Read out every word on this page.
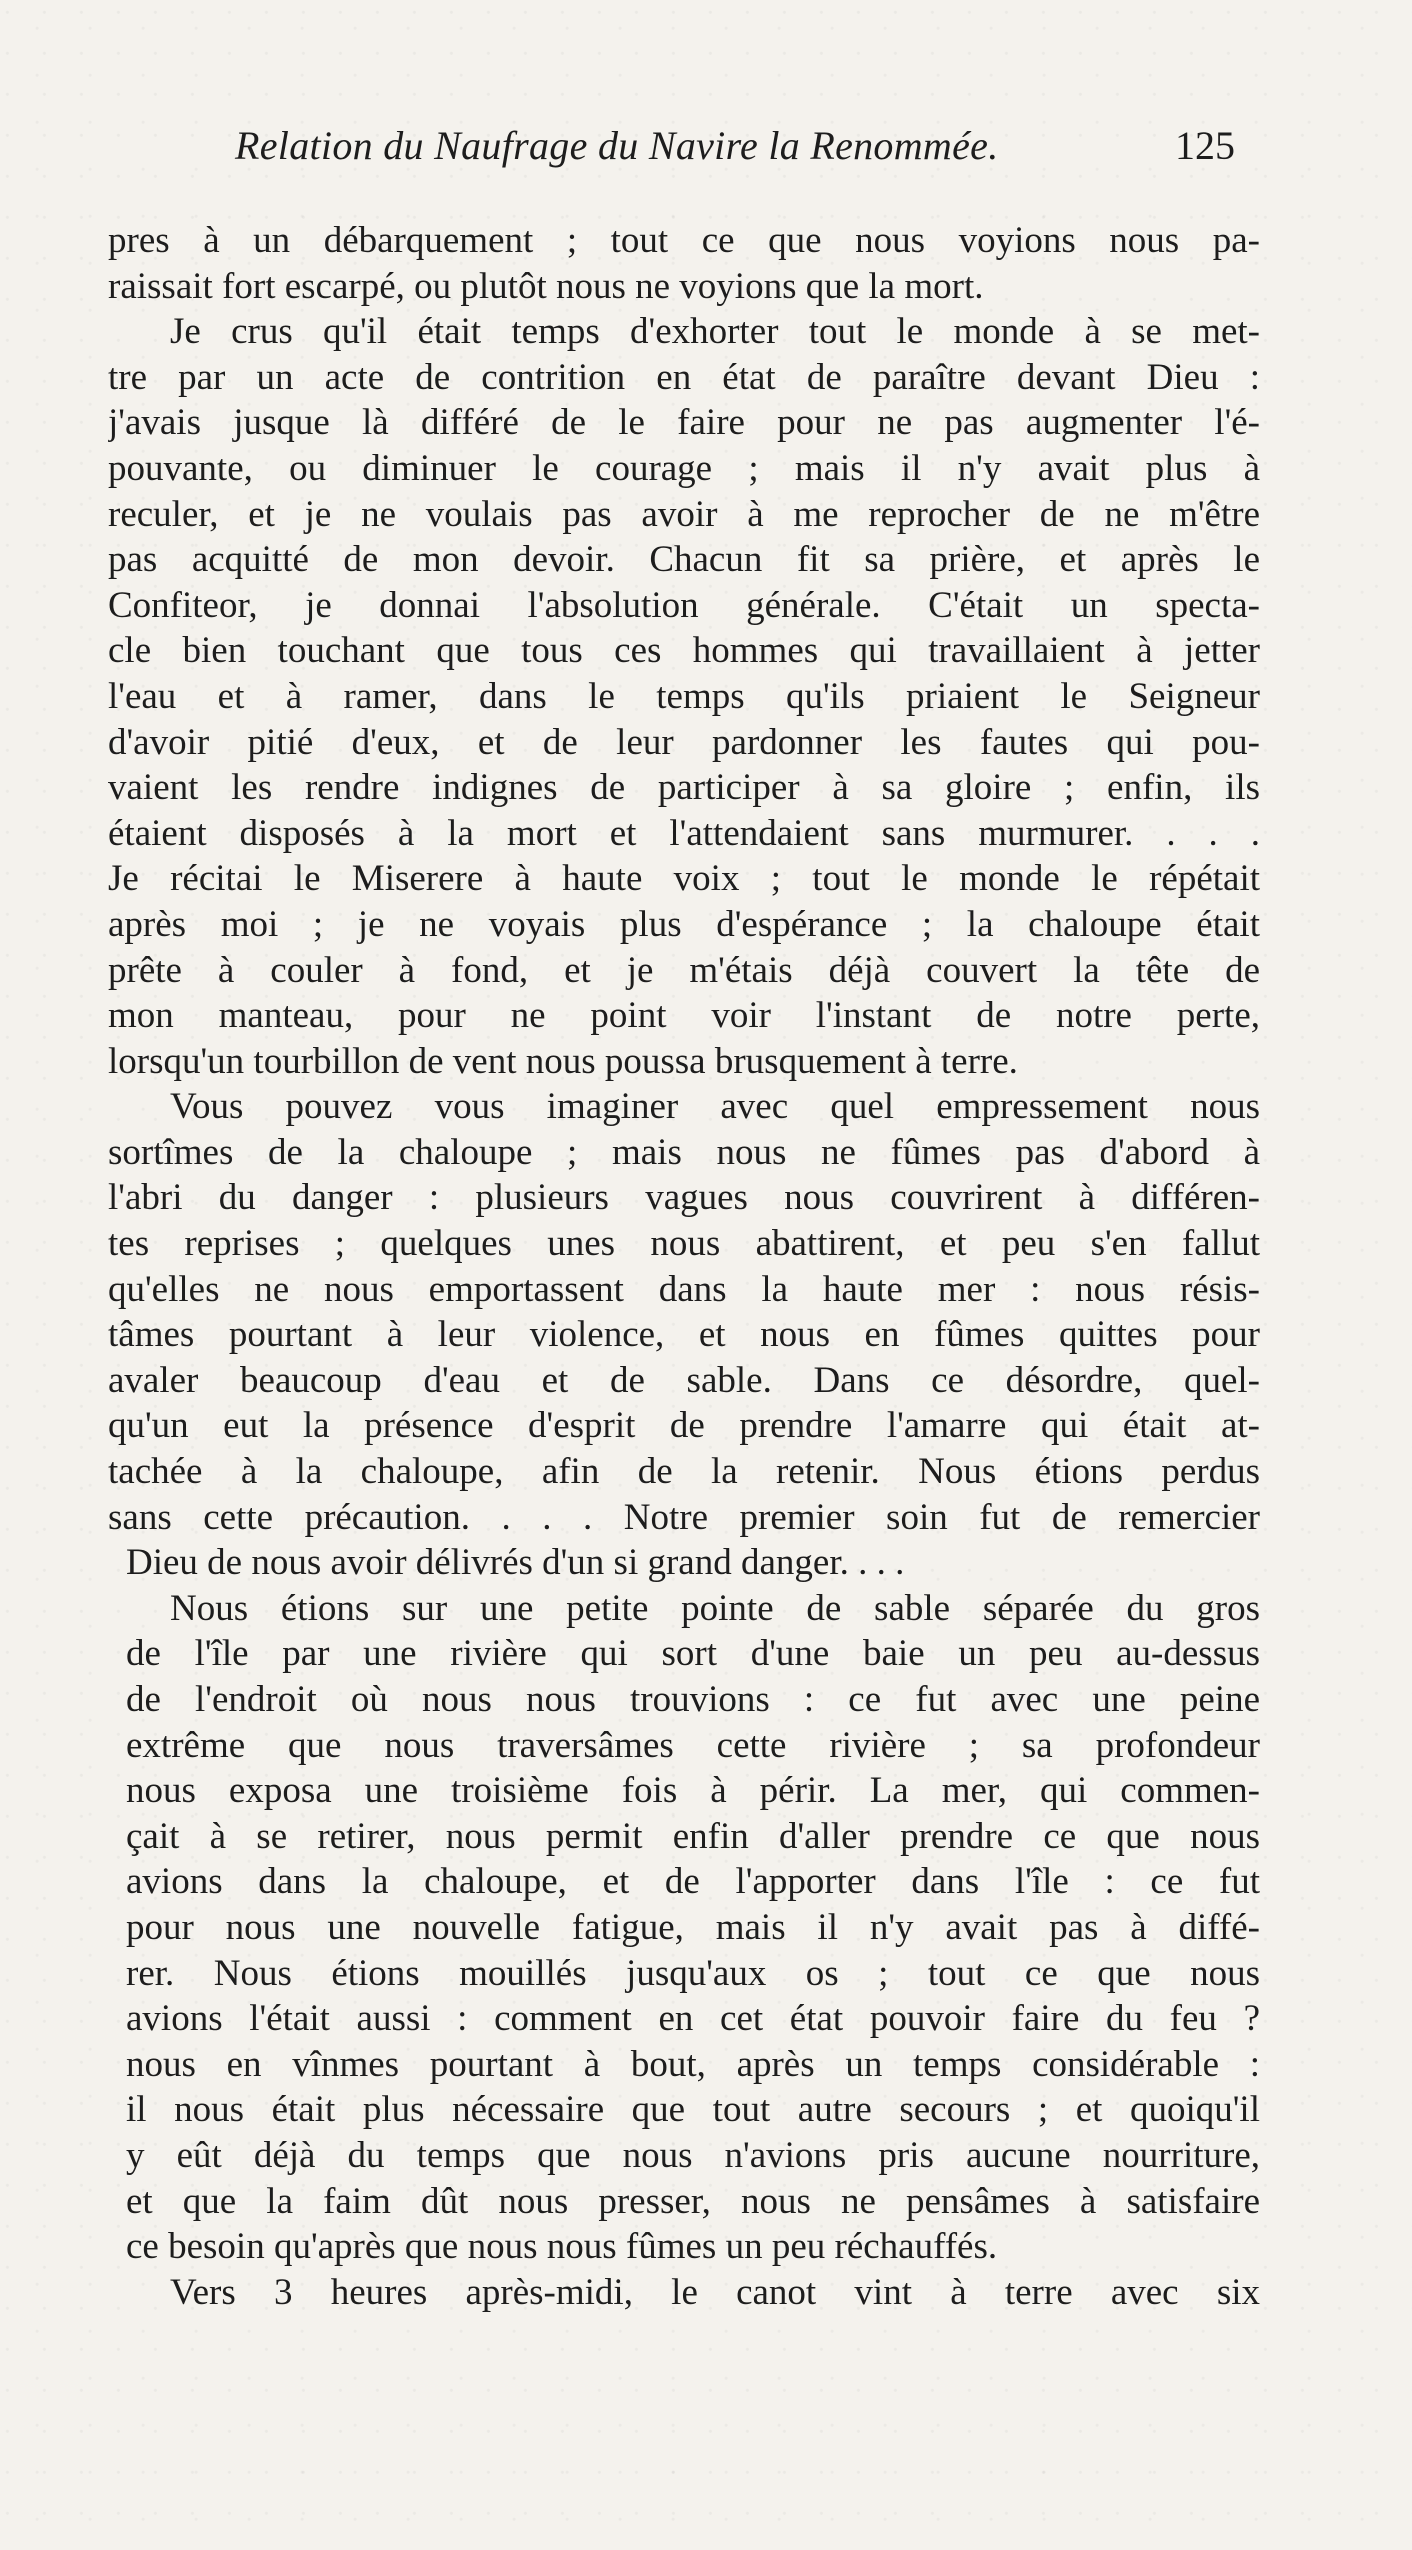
Relation du Naufrage du Navire la Renommée.	125
pres à un débarquement ; tout ce que nous voyions nous pa-
raissait fort escarpé, ou plutôt nous ne voyions que la mort.
Je crus qu'il était temps d'exhorter tout le monde à se met-
tre par un acte de contrition en état de paraître devant Dieu :
j'avais jusque là différé de le faire pour ne pas augmenter l'é-
pouvante, ou diminuer le courage ; mais il n'y avait plus à
reculer, et je ne voulais pas avoir à me reprocher de ne m'être
pas acquitté de mon devoir. Chacun fit sa prière, et après le
Confiteor, je donnai l'absolution générale. C'était un specta-
cle bien touchant que tous ces hommes qui travaillaient à jetter
l'eau et à ramer, dans le temps qu'ils priaient le Seigneur
d'avoir pitié d'eux, et de leur pardonner les fautes qui pou-
vaient les rendre indignes de participer à sa gloire ; enfin, ils
étaient disposés à la mort et l'attendaient sans murmurer. . . .
Je récitai le Miserere à haute voix ; tout le monde le répétait
après moi ; je ne voyais plus d'espérance ; la chaloupe était
prête à couler à fond, et je m'étais déjà couvert la tête de
mon manteau, pour ne point voir l'instant de notre perte,
lorsqu'un tourbillon de vent nous poussa brusquement à terre.
Vous pouvez vous imaginer avec quel empressement nous
sortîmes de la chaloupe ; mais nous ne fûmes pas d'abord à
l'abri du danger : plusieurs vagues nous couvrirent à différen-
tes reprises ; quelques unes nous abattirent, et peu s'en fallut
qu'elles ne nous emportassent dans la haute mer : nous résis-
tâmes pourtant à leur violence, et nous en fûmes quittes pour
avaler beaucoup d'eau et de sable. Dans ce désordre, quel-
qu'un eut la présence d'esprit de prendre l'amarre qui était at-
tachée à la chaloupe, afin de la retenir. Nous étions perdus
sans cette précaution. . . . Notre premier soin fut de remercier
Dieu de nous avoir délivrés d'un si grand danger. . . .
Nous étions sur une petite pointe de sable séparée du gros
de l'île par une rivière qui sort d'une baie un peu au-dessus
de l'endroit où nous nous trouvions : ce fut avec une peine
extrême que nous traversâmes cette rivière ; sa profondeur
nous exposa une troisième fois à périr. La mer, qui commen-
çait à se retirer, nous permit enfin d'aller prendre ce que nous
avions dans la chaloupe, et de l'apporter dans l'île : ce fut
pour nous une nouvelle fatigue, mais il n'y avait pas à diffé-
rer. Nous étions mouillés jusqu'aux os ; tout ce que nous
avions l'était aussi : comment en cet état pouvoir faire du feu ?
nous en vînmes pourtant à bout, après un temps considérable :
il nous était plus nécessaire que tout autre secours ; et quoiqu'il
y eût déjà du temps que nous n'avions pris aucune nourriture,
et que la faim dût nous presser, nous ne pensâmes à satisfaire
ce besoin qu'après que nous nous fûmes un peu réchauffés.
Vers 3 heures après-midi, le canot vint à terre avec six
